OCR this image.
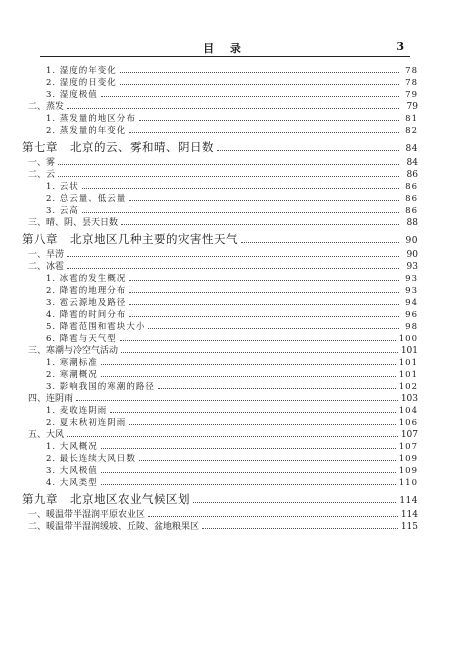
目 录	3
1. 湿度的年变化	78
2. 湿度的日变化	78
3. 湿度极值	79
二、蒸发	79
1. 蒸发量的地区分布	81
2. 蒸发量的年变化	82
第七章　北京的云、雾和晴、阴日数	84
一、雾	84
二、云	86
1. 云状	86
2. 总云量、低云量	86
3. 云高	86
三、晴、阴、昙天日数	88
第八章　北京地区几种主要的灾害性天气	90
一、旱涝	90
二、冰雹	93
1. 冰雹的发生概况	93
2. 降雹的地理分布	93
3. 雹云源地及路径	94
4. 降雹的时间分布	96
5. 降雹范围和雹块大小	98
6. 降雹与天气型	100
三、寒潮与冷空气活动	101
1. 寒潮标准	101
2. 寒潮概况	101
3. 影响我国的寒潮的路径	102
四、连阴雨	103
1. 麦收连阴雨	104
2. 夏末秋初连阴雨	106
五、大风	107
1. 大风概况	107
2. 最长连续大风日数	109
3. 大风极值	109
4. 大风类型	110
第九章　北京地区农业气候区划	114
一、暖温带半湿润平原农业区	114
二、暖温带半湿润缓坡、丘陵、盆地粮果区	115
